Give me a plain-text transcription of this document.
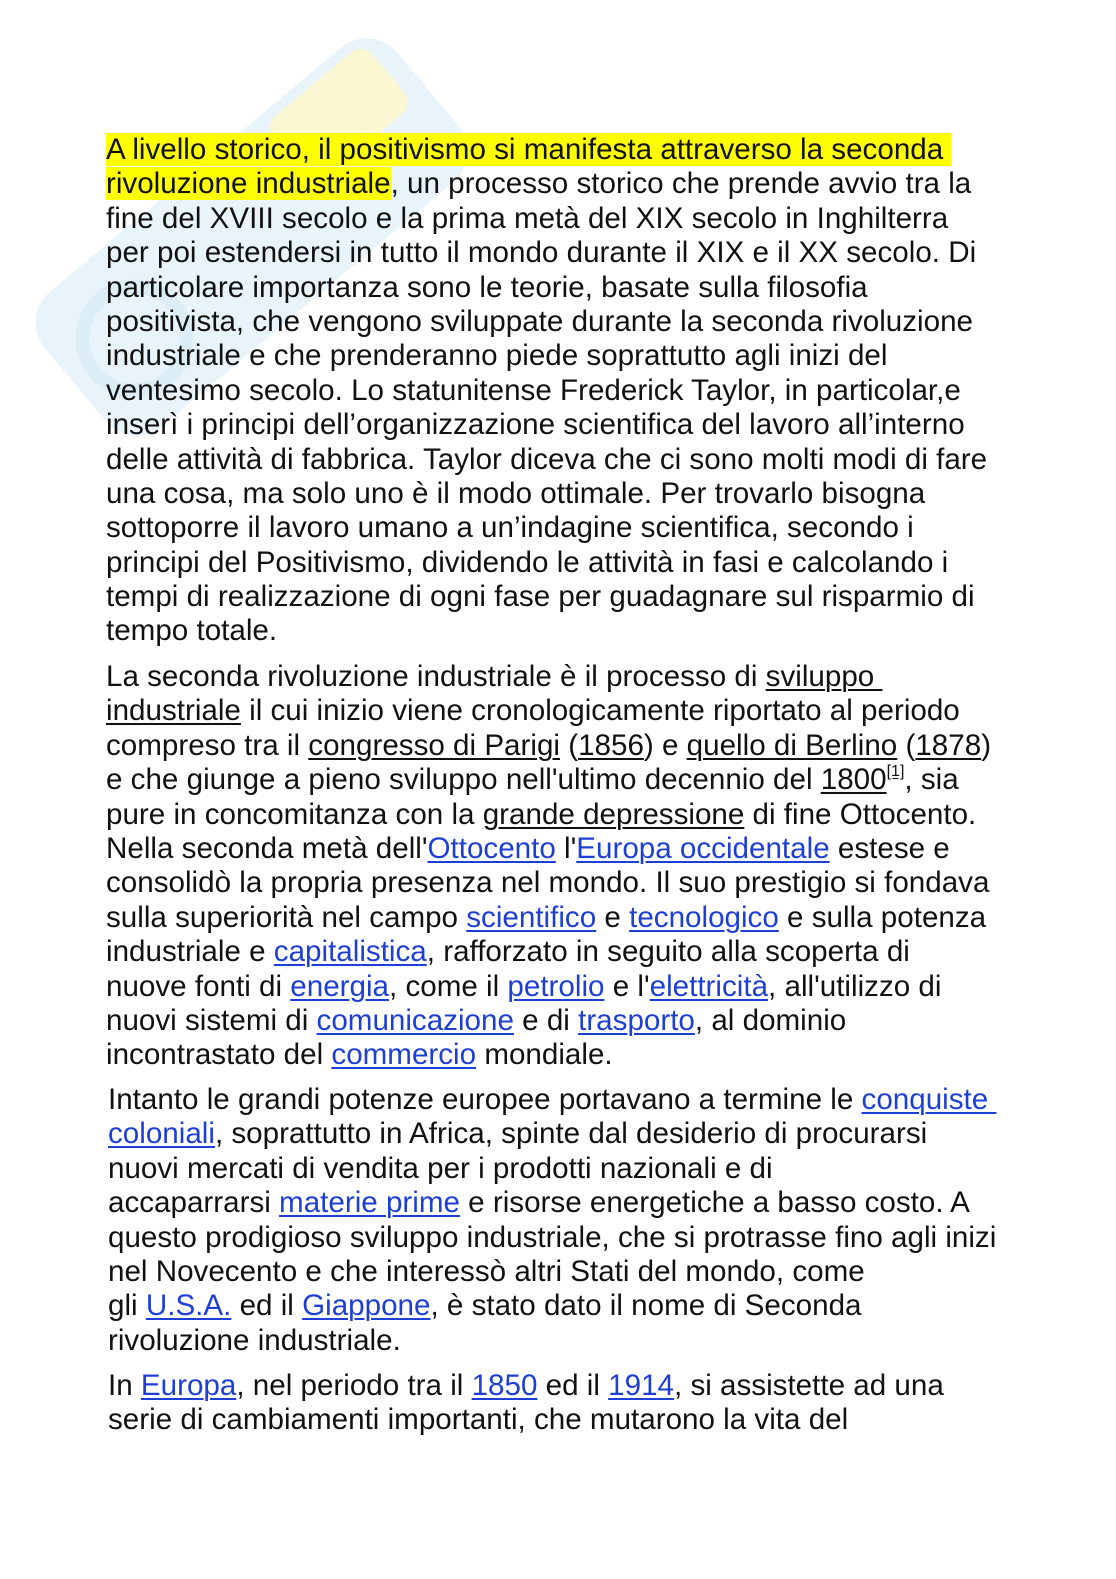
A livello storico, il positivismo si manifesta attraverso la seconda
rivoluzione industriale, un processo storico che prende avvio tra la
fine del XVIII secolo e la prima metà del XIX secolo in Inghilterra
per poi estendersi in tutto il mondo durante il XIX e il XX secolo. Di
particolare importanza sono le teorie, basate sulla filosofia
positivista, che vengono sviluppate durante la seconda rivoluzione
industriale e che prenderanno piede soprattutto agli inizi del
ventesimo secolo. Lo statunitense Frederick Taylor, in particolar,e
inserì i principi dell’organizzazione scientifica del lavoro all’interno
delle attività di fabbrica. Taylor diceva che ci sono molti modi di fare
una cosa, ma solo uno è il modo ottimale. Per trovarlo bisogna
sottoporre il lavoro umano a un’indagine scientifica, secondo i
principi del Positivismo, dividendo le attività in fasi e calcolando i
tempi di realizzazione di ogni fase per guadagnare sul risparmio di
tempo totale.
La seconda rivoluzione industriale è il processo di sviluppo
industriale il cui inizio viene cronologicamente riportato al periodo
compreso tra il congresso di Parigi (1856) e quello di Berlino (1878)
e che giunge a pieno sviluppo nell'ultimo decennio del 1800[1], sia
pure in concomitanza con la grande depressione di fine Ottocento.
Nella seconda metà dell'Ottocento l'Europa occidentale estese e
consolidò la propria presenza nel mondo. Il suo prestigio si fondava
sulla superiorità nel campo scientifico e tecnologico e sulla potenza
industriale e capitalistica, rafforzato in seguito alla scoperta di
nuove fonti di energia, come il petrolio e l'elettricità, all'utilizzo di
nuovi sistemi di comunicazione e di trasporto, al dominio
incontrastato del commercio mondiale.
Intanto le grandi potenze europee portavano a termine le conquiste
coloniali, soprattutto in Africa, spinte dal desiderio di procurarsi
nuovi mercati di vendita per i prodotti nazionali e di
accaparrarsi materie prime e risorse energetiche a basso costo. A
questo prodigioso sviluppo industriale, che si protrasse fino agli inizi
nel Novecento e che interessò altri Stati del mondo, come
gli U.S.A. ed il Giappone, è stato dato il nome di Seconda
rivoluzione industriale.
In Europa, nel periodo tra il 1850 ed il 1914, si assistette ad una
serie di cambiamenti importanti, che mutarono la vita del
